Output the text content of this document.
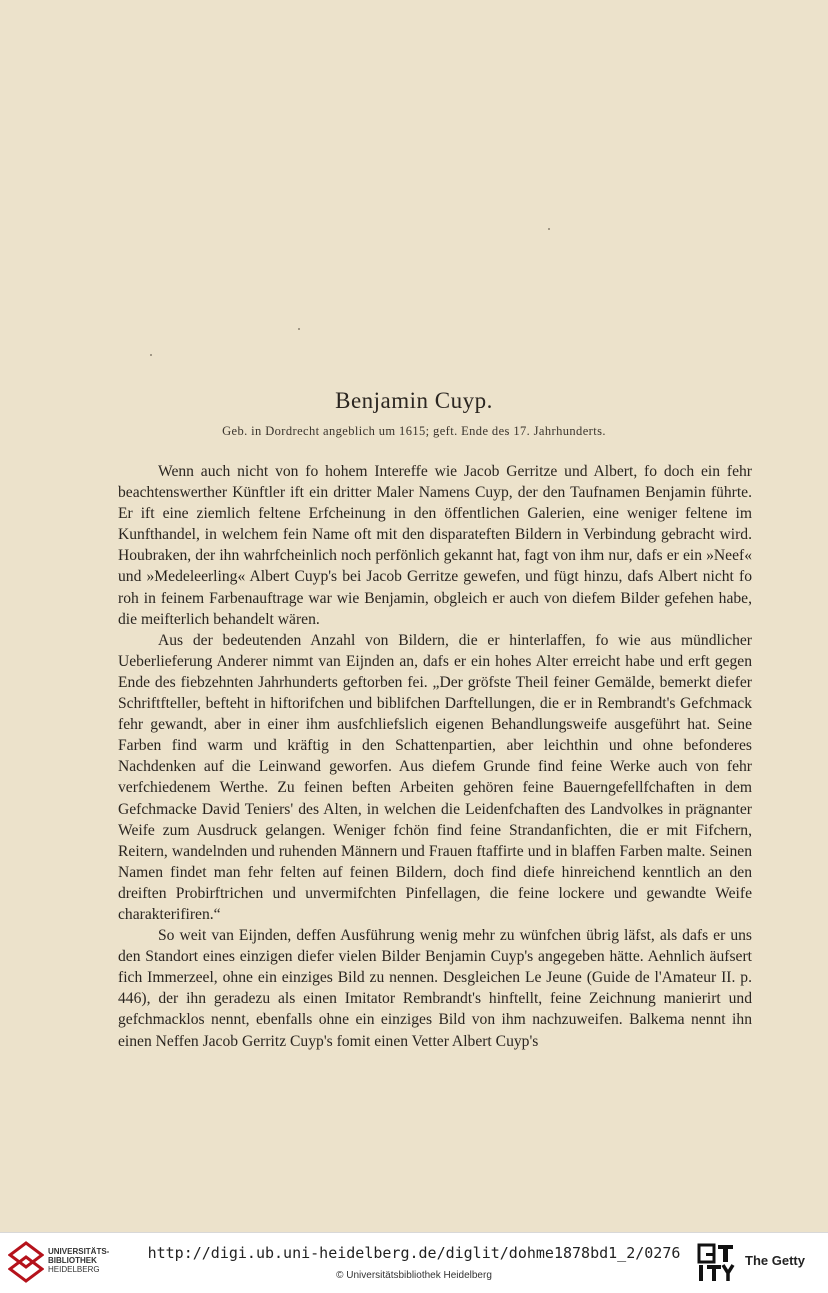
Benjamin Cuyp.
Geb. in Dordrecht angeblich um 1615; geft. Ende des 17. Jahrhunderts.

Wenn auch nicht von fo hohem Intereffe wie Jacob Gerritze und Albert, fo doch ein fehr beachtenswerther Künftler ift ein dritter Maler Namens Cuyp, der den Taufnamen Benjamin führte. Er ift eine ziemlich feltene Erfcheinung in den öffentlichen Galerien, eine weniger feltene im Kunfthandel, in welchem fein Name oft mit den disparateften Bildern in Verbindung gebracht wird. Houbraken, der ihn wahrfcheinlich noch perfönlich gekannt hat, fagt von ihm nur, dafs er ein »Neef« und »Medeleerling« Albert Cuyp's bei Jacob Gerritze gewefen, und fügt hinzu, dafs Albert nicht fo roh in feinem Farbenauftrage war wie Benjamin, obgleich er auch von diefem Bilder gefehen habe, die meifterlich behandelt wären.

Aus der bedeutenden Anzahl von Bildern, die er hinterlaffen, fo wie aus mündlicher Ueberlieferung Anderer nimmt van Eijnden an, dafs er ein hohes Alter erreicht habe und erft gegen Ende des fiebzehnten Jahrhunderts geftorben fei. „Der gröfste Theil feiner Gemälde, bemerkt diefer Schriftfteller, befteht in hiftorifchen und biblifchen Darftellungen, die er in Rembrandt's Gefchmack fehr gewandt, aber in einer ihm ausfchliefslich eigenen Behandlungsweife ausgeführt hat. Seine Farben find warm und kräftig in den Schattenpartien, aber leichthin und ohne befonderes Nachdenken auf die Leinwand geworfen. Aus diefem Grunde find feine Werke auch von fehr verfchiedenem Werthe. Zu feinen beften Arbeiten gehören feine Bauerngefellfchaften in dem Gefchmacke David Teniers' des Alten, in welchen die Leidenfchaften des Landvolkes in prägnanter Weife zum Ausdruck gelangen. Weniger fchön find feine Strandanfichten, die er mit Fifchern, Reitern, wandelnden und ruhenden Männern und Frauen ftaffirte und in blaffen Farben malte. Seinen Namen findet man fehr felten auf feinen Bildern, doch find diefe hinreichend kenntlich an den dreiften Probirftrichen und unvermifchten Pinfellagen, die feine lockere und gewandte Weife charakterifiren.“

So weit van Eijnden, deffen Ausführung wenig mehr zu wünfchen übrig läfst, als dafs er uns den Standort eines einzigen diefer vielen Bilder Benjamin Cuyp's angegeben hätte. Aehnlich äufsert fich Immerzeel, ohne ein einziges Bild zu nennen. Desgleichen Le Jeune (Guide de l'Amateur II. p. 446), der ihn geradezu als einen Imitator Rembrandt's hinftellt, feine Zeichnung manierirt und gefchmacklos nennt, ebenfalls ohne ein einziges Bild von ihm nachzuweifen. Balkema nennt ihn einen Neffen Jacob Gerritz Cuyp's fomit einen Vetter Albert Cuyp's

UNIVERSITÄTS-
BIBLIOTHEK
HEIDELBERG
http://digi.ub.uni-heidelberg.de/diglit/dohme1878bd1_2/0276
© Universitätsbibliothek Heidelberg
The Getty
